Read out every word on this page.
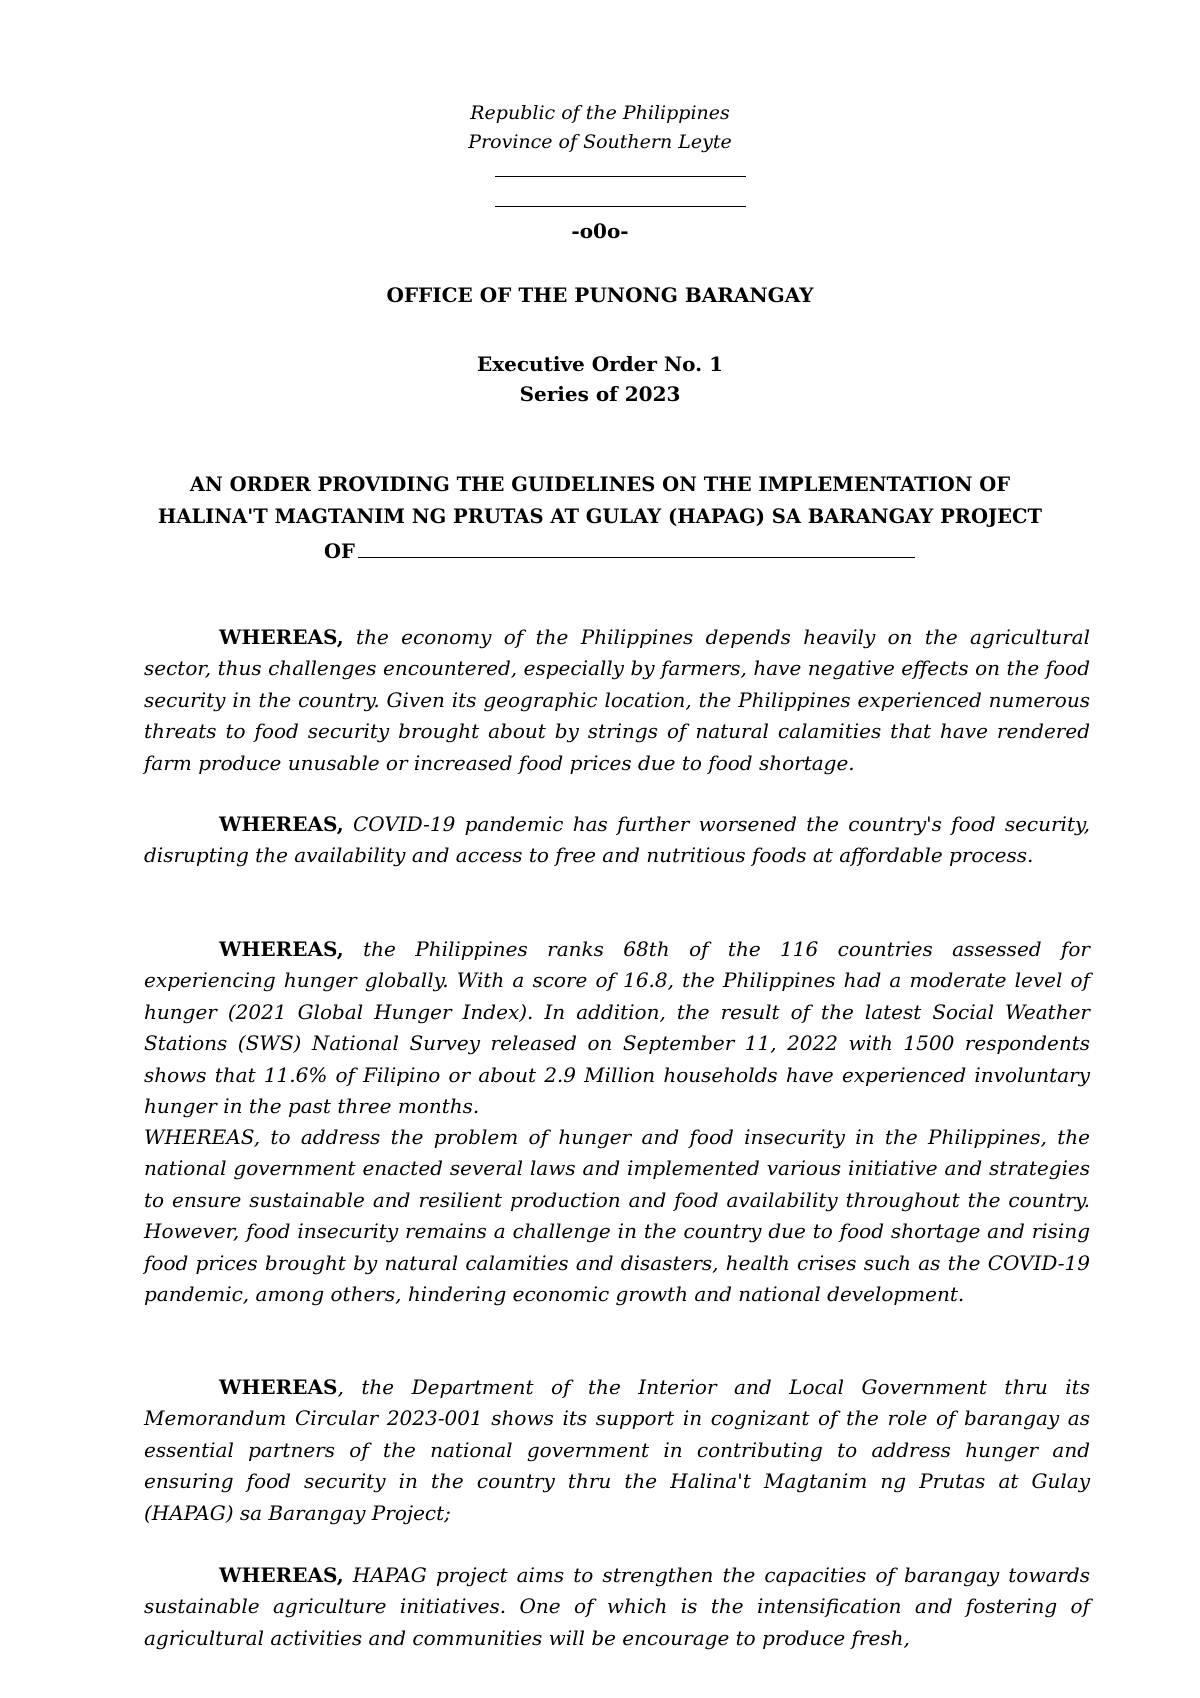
Republic of the Philippines
Province of Southern Leyte
-o0o-
OFFICE OF THE PUNONG BARANGAY
Executive Order No. 1
Series of 2023
AN ORDER PROVIDING THE GUIDELINES ON THE IMPLEMENTATION OF
HALINA'T MAGTANIM NG PRUTAS AT GULAY (HAPAG) SA BARANGAY PROJECT
OF

WHEREAS, the economy of the Philippines depends heavily on the agricultural sector, thus challenges encountered, especially by farmers, have negative effects on the food security in the country. Given its geographic location, the Philippines experienced numerous threats to food security brought about by strings of natural calamities that have rendered farm produce unusable or increased food prices due to food shortage.

WHEREAS, COVID-19 pandemic has further worsened the country's food security, disrupting the availability and access to free and nutritious foods at affordable process.

WHEREAS, the Philippines ranks 68th of the 116 countries assessed for experiencing hunger globally. With a score of 16.8, the Philippines had a moderate level of hunger (2021 Global Hunger Index). In addition, the result of the latest Social Weather Stations (SWS) National Survey released on September 11, 2022 with 1500 respondents shows that 11.6% of Filipino or about 2.9 Million households have experienced involuntary hunger in the past three months.

WHEREAS, to address the problem of hunger and food insecurity in the Philippines, the national government enacted several laws and implemented various initiative and strategies to ensure sustainable and resilient production and food availability throughout the country. However, food insecurity remains a challenge in the country due to food shortage and rising food prices brought by natural calamities and disasters, health crises such as the COVID-19 pandemic, among others, hindering economic growth and national development.

WHEREAS, the Department of the Interior and Local Government thru its Memorandum Circular 2023-001 shows its support in cognizant of the role of barangay as essential partners of the national government in contributing to address hunger and ensuring food security in the country thru the Halina't Magtanim ng Prutas at Gulay (HAPAG) sa Barangay Project;

WHEREAS, HAPAG project aims to strengthen the capacities of barangay towards sustainable agriculture initiatives. One of which is the intensification and fostering of agricultural activities and communities will be encourage to produce fresh,
